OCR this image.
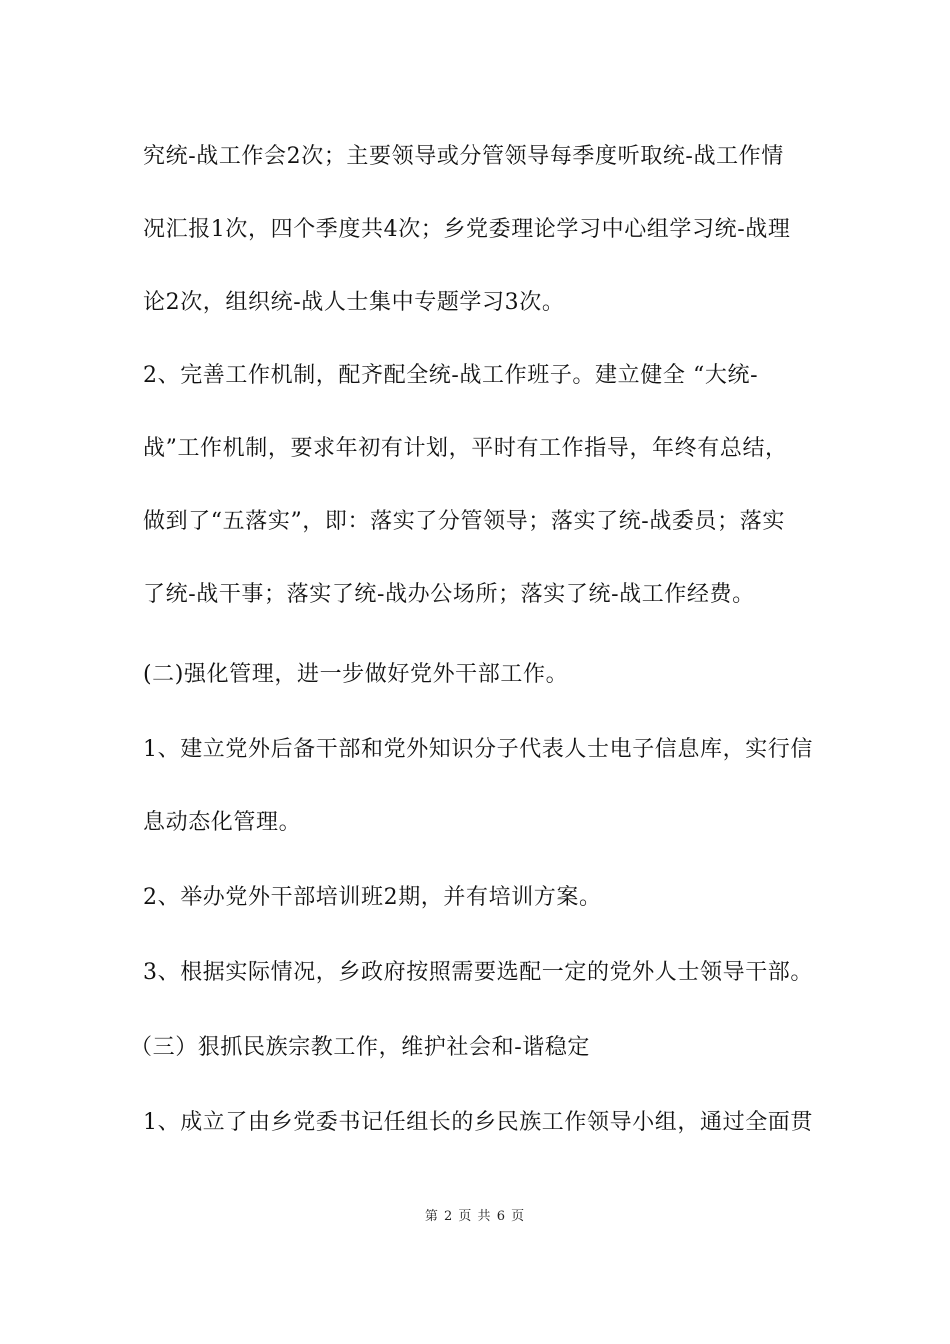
究统-战工作会2次；主要领导或分管领导每季度听取统-战工作情
况汇报1次，四个季度共4次；乡党委理论学习中心组学习统-战理
论2次，组织统-战人士集中专题学习3次。
2、完善工作机制，配齐配全统-战工作班子。建立健全 “大统-
战”工作机制，要求年初有计划，平时有工作指导，年终有总结，
做到了“五落实”，即：落实了分管领导；落实了统-战委员；落实
了统-战干事；落实了统-战办公场所；落实了统-战工作经费。
(二)强化管理，进一步做好党外干部工作。
1、建立党外后备干部和党外知识分子代表人士电子信息库，实行信
息动态化管理。
2、举办党外干部培训班2期，并有培训方案。
3、根据实际情况，乡政府按照需要选配一定的党外人士领导干部。
（三）狠抓民族宗教工作，维护社会和-谐稳定
1、成立了由乡党委书记任组长的乡民族工作领导小组，通过全面贯
第 2 页 共 6 页
